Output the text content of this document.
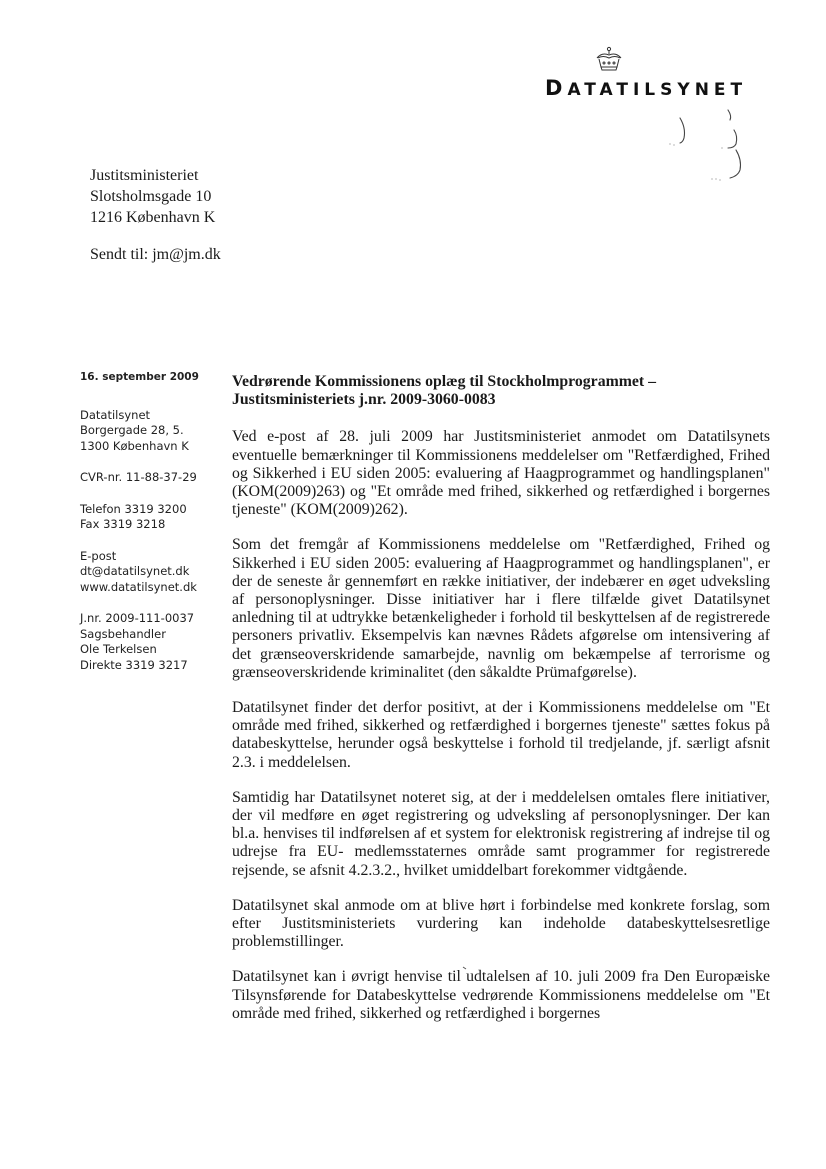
DATATILSYNET
Justitsministeriet
Slotsholmsgade 10
1216 København K
Sendt til: jm@jm.dk
16. september 2009
Datatilsynet
Borgergade 28, 5.
1300 København K
CVR-nr. 11-88-37-29
Telefon 3319 3200
Fax 3319 3218
E-post
dt@datatilsynet.dk
www.datatilsynet.dk
J.nr. 2009-111-0037
Sagsbehandler
Ole Terkelsen
Direkte 3319 3217
Vedrørende Kommissionens oplæg til Stockholmprogrammet – Justitsministeriets j.nr. 2009-3060-0083

Ved e-post af 28. juli 2009 har Justitsministeriet anmodet om Datatilsynets eventuelle bemærkninger til Kommissionens meddelelser om "Retfærdighed, Frihed og Sikkerhed i EU siden 2005: evaluering af Haagprogrammet og handlingsplanen" (KOM(2009)263) og "Et område med frihed, sikkerhed og retfærdighed i borgernes tjeneste" (KOM(2009)262).

Som det fremgår af Kommissionens meddelelse om "Retfærdighed, Frihed og Sikkerhed i EU siden 2005: evaluering af Haagprogrammet og handlingsplanen", er der de seneste år gennemført en række initiativer, der indebærer en øget udveksling af personoplysninger. Disse initiativer har i flere tilfælde givet Datatilsynet anledning til at udtrykke betænkeligheder i forhold til beskyttelsen af de registrerede personers privatliv. Eksempelvis kan nævnes Rådets afgørelse om intensivering af det grænseoverskridende samarbejde, navnlig om bekæmpelse af terrorisme og grænseoverskridende kriminalitet (den såkaldte Prümafgørelse).

Datatilsynet finder det derfor positivt, at der i Kommissionens meddelelse om "Et område med frihed, sikkerhed og retfærdighed i borgernes tjeneste" sættes fokus på databeskyttelse, herunder også beskyttelse i forhold til tredjelande, jf. særligt afsnit 2.3. i meddelelsen.

Samtidig har Datatilsynet noteret sig, at der i meddelelsen omtales flere initiativer, der vil medføre en øget registrering og udveksling af personoplysninger. Der kan bl.a. henvises til indførelsen af et system for elektronisk registrering af indrejse til og udrejse fra EU- medlemsstaternes område samt programmer for registrerede rejsende, se afsnit 4.2.3.2., hvilket umiddelbart forekommer vidtgående.

Datatilsynet skal anmode om at blive hørt i forbindelse med konkrete forslag, som efter Justitsministeriets vurdering kan indeholde databeskyttelsesretlige problemstillinger.

Datatilsynet kan i øvrigt henvise til udtalelsen af 10. juli 2009 fra Den Europæiske Tilsynsførende for Databeskyttelse vedrørende Kommissionens meddelelse om "Et område med frihed, sikkerhed og retfærdighed i borgernes
